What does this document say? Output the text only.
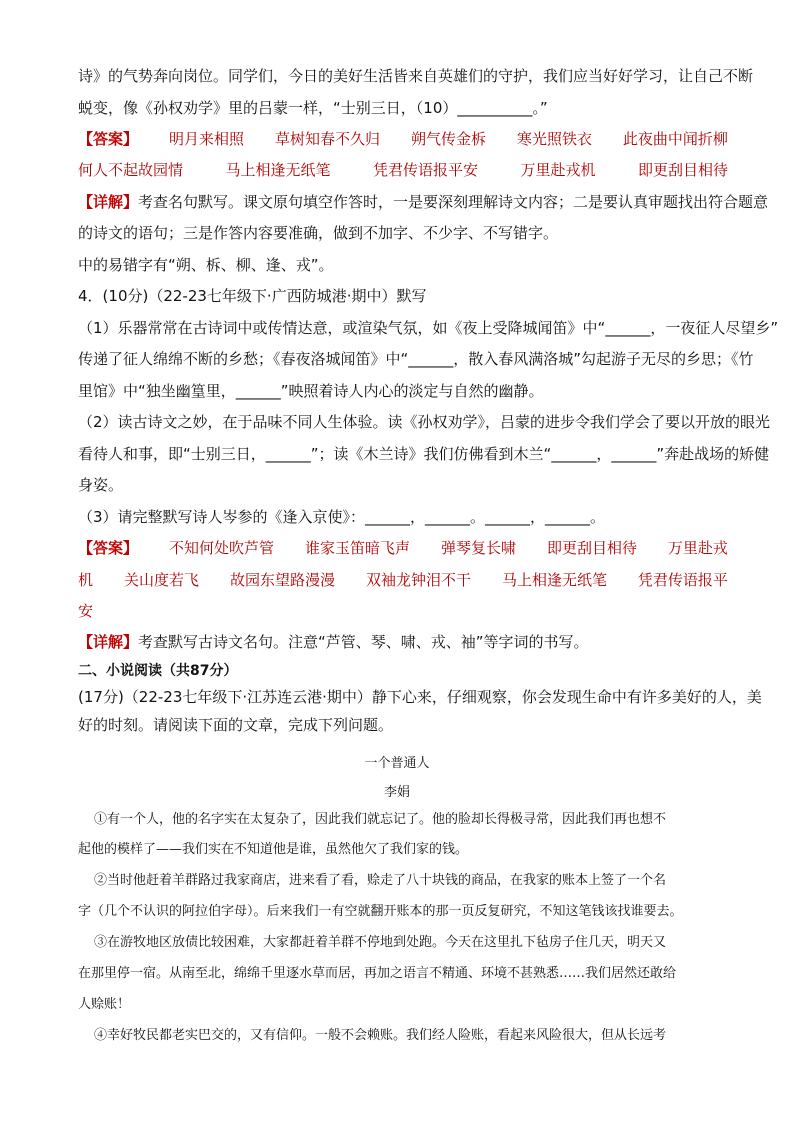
诗》的气势奔向岗位。同学们，今日的美好生活皆来自英雄们的守护，我们应当好好学习，让自己不断
蜕变，像《孙权劝学》里的吕蒙一样，“士别三日，（10）__________。”
【答案】 明月来相照 草树知春不久归 朔气传金柝 寒光照铁衣 此夜曲中闻折柳
何人不起故园情	马上相逢无纸笔	凭君传语报平安	万里赴戎机	即更刮目相待
【详解】考查名句默写。课文原句填空作答时，一是要深刻理解诗文内容；二是要认真审题找出符合题意
的诗文的语句；三是作答内容要准确，做到不加字、不少字、不写错字。
中的易错字有“朔、柝、柳、逢、戎”。
4．(10分)（22-23七年级下·广西防城港·期中）默写
（1）乐器常常在古诗词中或传情达意，或渲染气氛，如《夜上受降城闻笛》中“______，一夜征人尽望乡”
传递了征人绵绵不断的乡愁；《春夜洛城闻笛》中“______，散入春风满洛城”勾起游子无尽的乡思；《竹
里馆》中“独坐幽篁里，______”映照着诗人内心的淡定与自然的幽静。
（2）读古诗文之妙，在于品味不同人生体验。读《孙权劝学》，吕蒙的进步令我们学会了要以开放的眼光
看待人和事，即“士别三日，______”；读《木兰诗》我们仿佛看到木兰“______，______”奔赴战场的矫健
身姿。
（3）请完整默写诗人岑参的《逢入京使》：______，______。______，______。
【答案】 不知何处吹芦管 谁家玉笛暗飞声 弹琴复长啸 即更刮目相待 万里赴戎
机 关山度若飞 故园东望路漫漫 双袖龙钟泪不干 马上相逢无纸笔 凭君传语报平
安
【详解】考查默写古诗文名句。注意“芦管、琴、啸、戎、袖”等字词的书写。
二、小说阅读（共87分）
(17分)（22-23七年级下·江苏连云港·期中）静下心来，仔细观察，你会发现生命中有许多美好的人，美
好的时刻。请阅读下面的文章，完成下列问题。
一个普通人
李娟
①有一个人，他的名字实在太复杂了，因此我们就忘记了。他的脸却长得极寻常，因此我们再也想不
起他的模样了——我们实在不知道他是谁，虽然他欠了我们家的钱。
②当时他赶着羊群路过我家商店，进来看了看，赊走了八十块钱的商品，在我家的账本上签了一个名
字（几个不认识的阿拉伯字母）。后来我们一有空就翻开账本的那一页反复研究，不知这笔钱该找谁要去。
③在游牧地区放债比较困难，大家都赶着羊群不停地到处跑。今天在这里扎下毡房子住几天，明天又
在那里停一宿。从南至北，绵绵千里逐水草而居，再加之语言不精通、环境不甚熟悉……我们居然还敢给
人赊账！
④幸好牧民都老实巴交的，又有信仰。一般不会赖账。我们经人险账，看起来风险很大，但从长远考
